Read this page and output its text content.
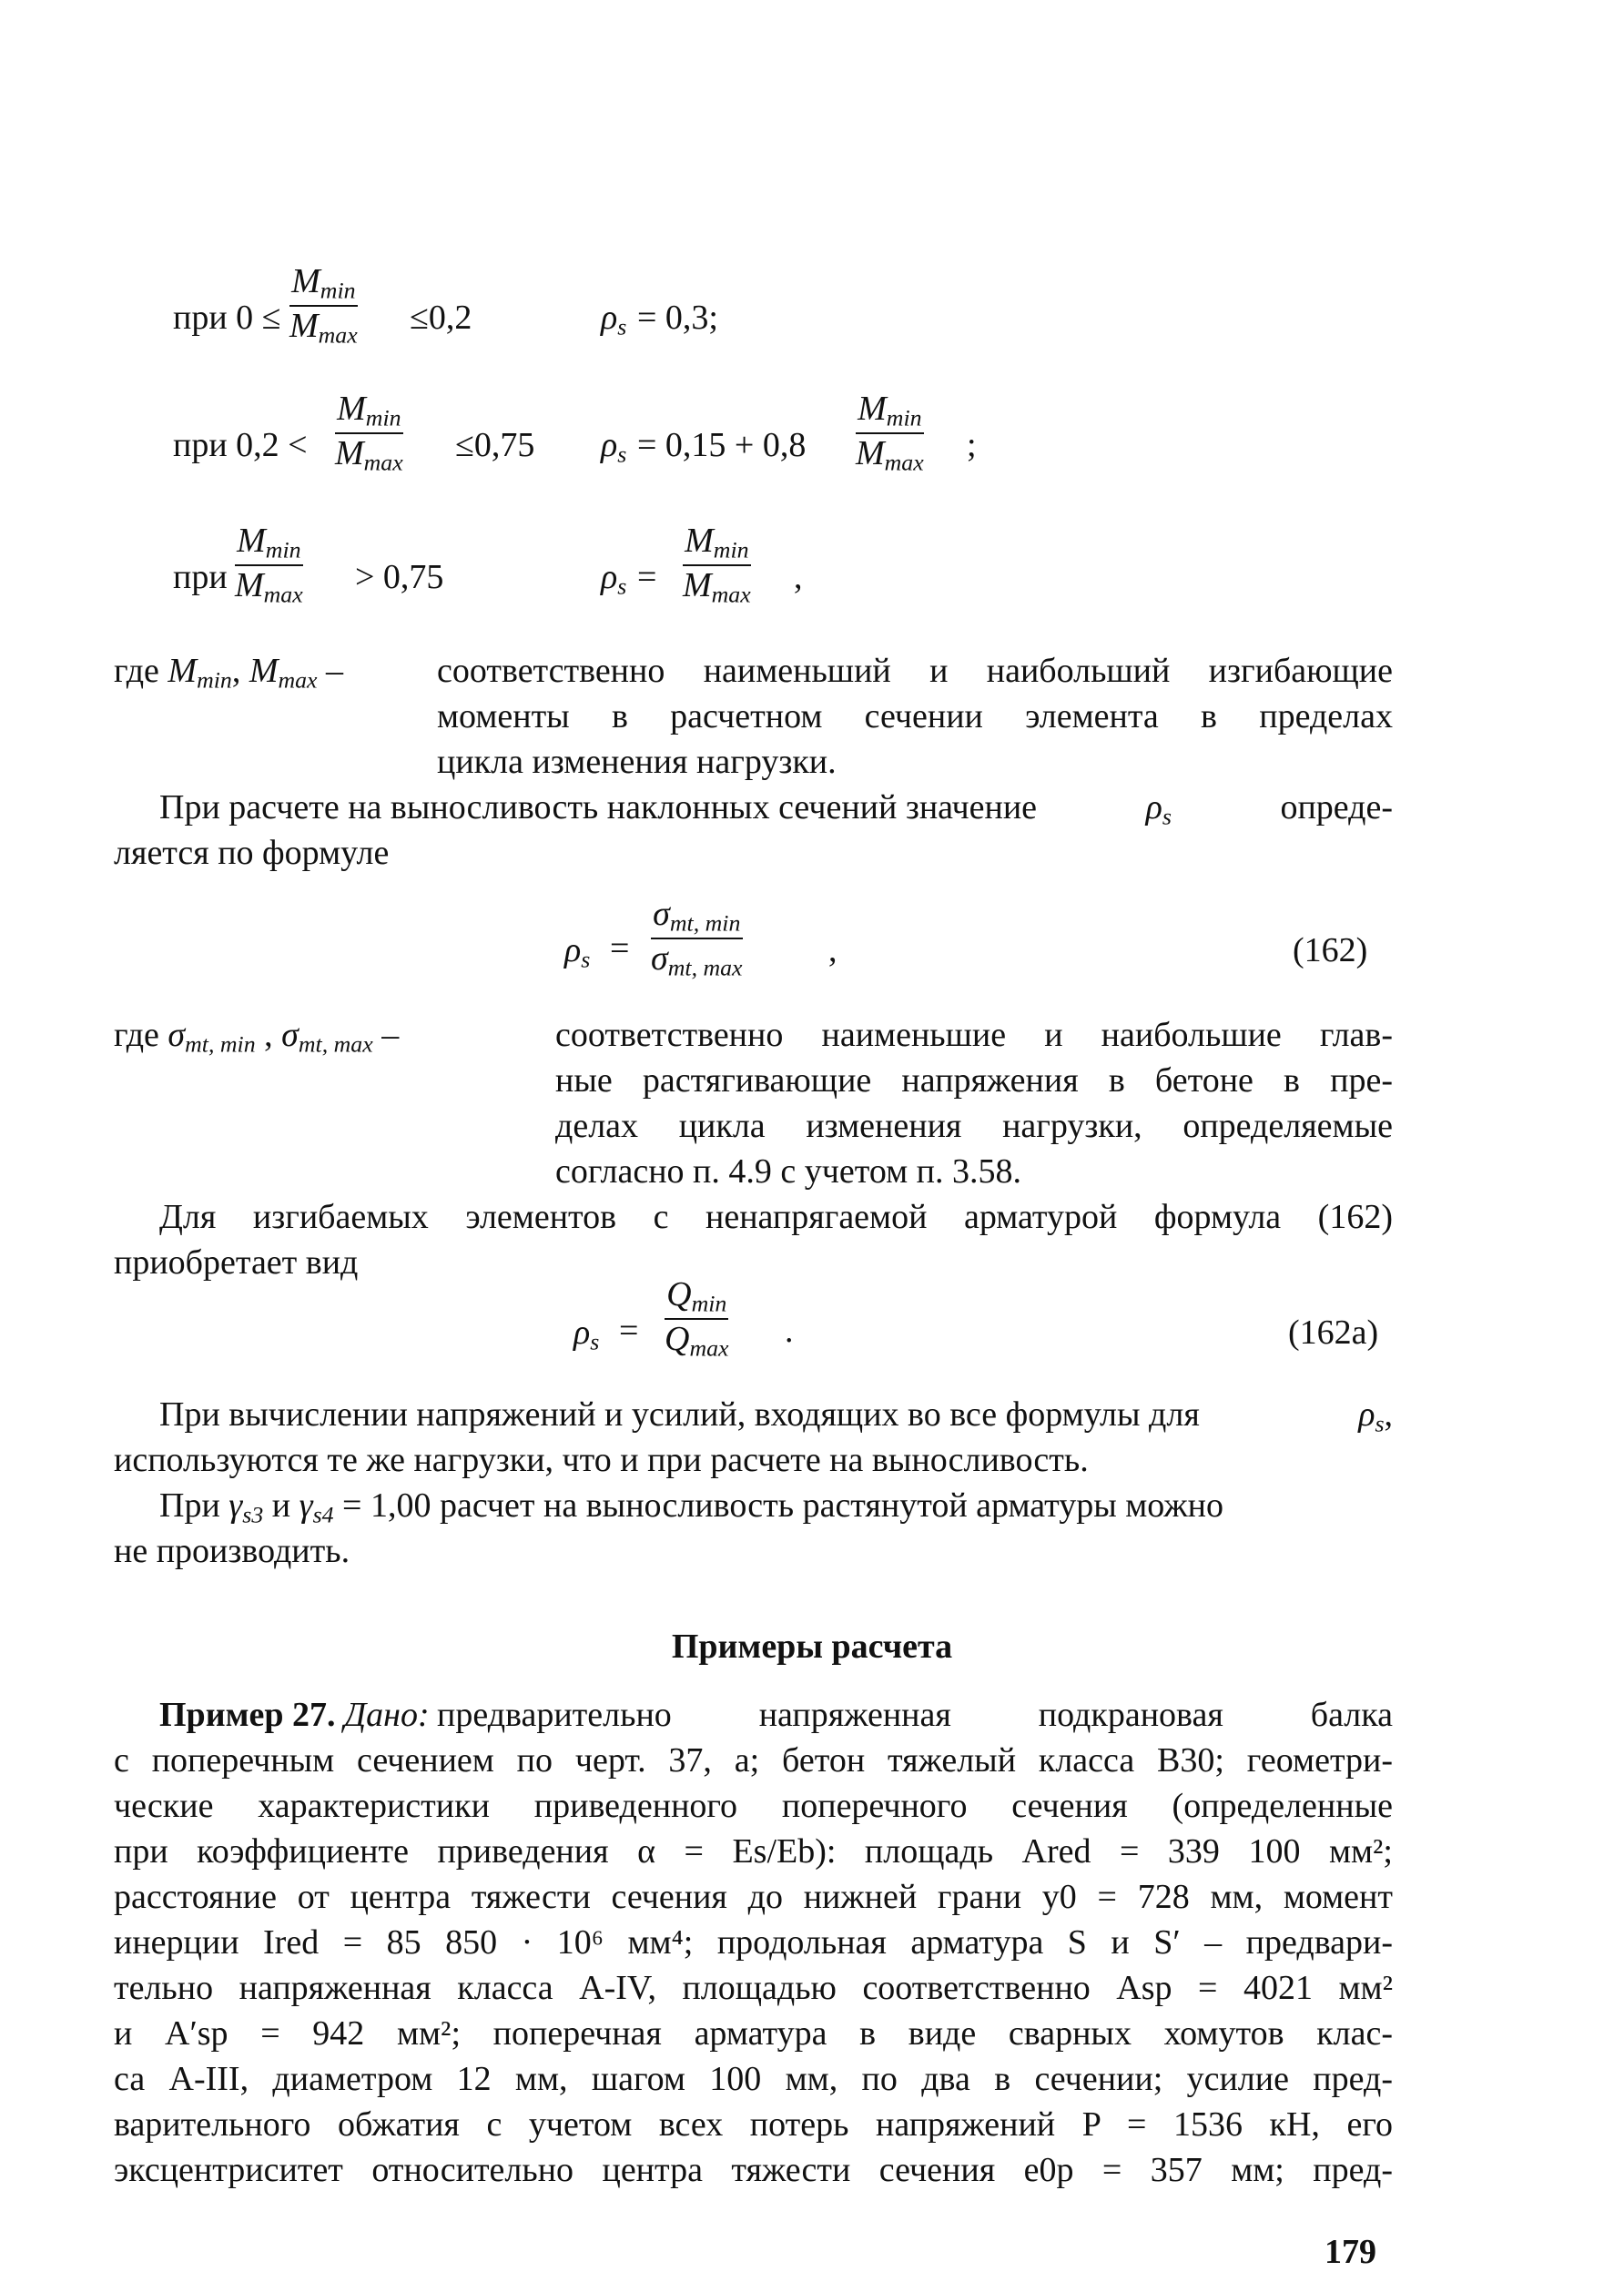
при 0 ≤
$M_{min}$
$M_{max} \le 0,2$	$\rho_s = 0,3$;
при 0,2 <
$M_{min}$
$M_{max} \le 0,75$ $\rho_s = 0,15 + 0,8$
$M_{min}$
$M_{max}$ ;
при
$M_{min}$
$M_{max} > 0,75$	$\rho_s$ =
$M_{min}$
$M_{max}$ ,
где $M_{min}$, $M_{max}$ –	соответственно наименьший и наибольший изгибающие
моменты в расчетном сечении элемента в пределах
цикла изменения нагрузки.
При расчете на выносливость наклонных сечений значение	$\rho_s$	опреде-
ляется по формуле
$\rho_s$ =
$\sigma_{mt, min}$
$\sigma_{mt, max}$ ,	(162)
где $\sigma_{mt, min}$ , $\sigma_{mt, max}$ –	соответственно наименьшие и наибольшие глав-
ные растягивающие напряжения в бетоне в пре-
делах цикла изменения нагрузки, определяемые
согласно п. 4.9 с учетом п. 3.58.
Для изгибаемых элементов с ненапрягаемой арматурой формула (162)
приобретает вид
$\rho_s$ =
$Q_{min}$
$Q_{max}$ .	(162a)
При вычислении напряжений и усилий, входящих во все формулы для	$\rho_s$,
используются те же нагрузки, что и при расчете на выносливость.
При $\gamma_{s3}$ и $\gamma_{s4} = 1,00$ расчет на выносливость растянутой арматуры можно
не производить.
Примеры расчета
Пример 27. Дано: предварительно напряженная подкрановая балка
с поперечным сечением по черт. 37, а; бетон тяжелый класса В30; геометри-
ческие характеристики приведенного поперечного сечения (определенные
при коэффициенте приведения α = Es/Eb): площадь Ared = 339 100 мм²;
расстояние от центра тяжести сечения до нижней грани y0 = 728 мм, момент
инерции Ired = 85 850 · 10⁶ мм⁴; продольная арматура S и S′ – предвари-
тельно напряженная класса А-IV, площадью соответственно Asp = 4021 мм²
и A′sp = 942 мм²; поперечная арматура в виде сварных хомутов клас-
са А-III, диаметром 12 мм, шагом 100 мм, по два в сечении; усилие пред-
варительного обжатия с учетом всех потерь напряжений P = 1536 кН, его
эксцентриситет относительно центра тяжести сечения e0p = 357 мм; пред-
179
